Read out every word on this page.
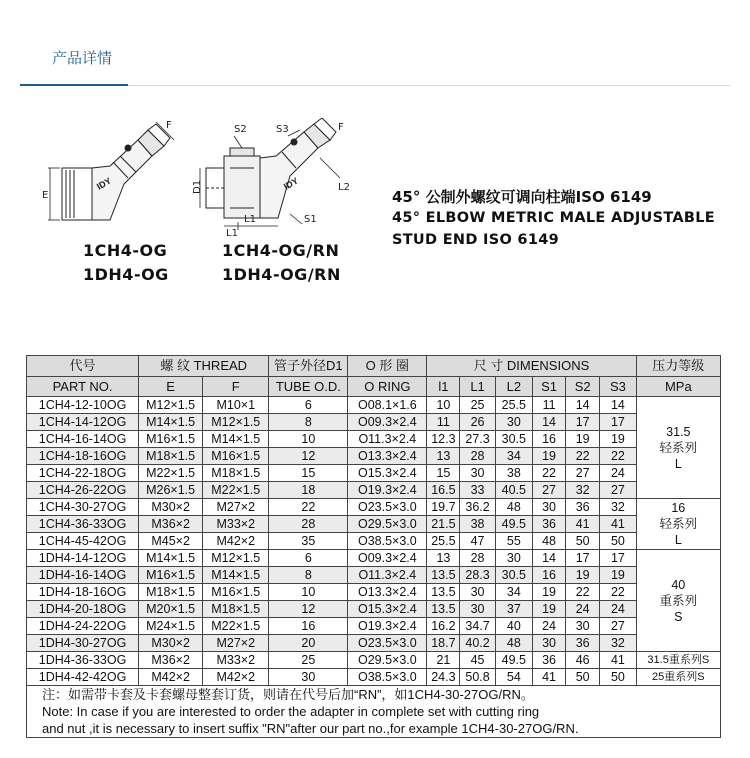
产品详情
IDY
E
F
1CH4-OG
1DH4-OG
IDY
S2	S3	F
D1
L1
L1
S1
L2
1CH4-OG/RN
1DH4-OG/RN
45° 公制外螺纹可调向柱端ISO 6149
45° ELBOW METRIC MALE ADJUSTABLE
STUD END ISO 6149
代号	螺 纹 THREAD		管子外径D1	O 形 圈	尺 寸 DIMENSIONS						压力等级
PART NO.	E	F	TUBE O.D.	O RING	l1	L1	L2	S1	S2	S3	MPa
1CH4-12-10OG	M12×1.5	M10×1	6	O08.1×1.6	10	25	25.5	11	14	14	31.5
轻系列
L

1CH4-14-12OG	M14×1.5	M12×1.5	8	O09.3×2.4	11	26	30	14	17	17	
1CH4-16-14OG	M16×1.5	M14×1.5	10	O11.3×2.4	12.3	27.3	30.5	16	19	19	
1CH4-18-16OG	M18×1.5	M16×1.5	12	O13.3×2.4	13	28	34	19	22	22	
1CH4-22-18OG	M22×1.5	M18×1.5	15	O15.3×2.4	15	30	38	22	27	24	
1CH4-26-22OG	M26×1.5	M22×1.5	18	O19.3×2.4	16.5	33	40.5	27	32	27	
1CH4-30-27OG	M30×2	M27×2	22	O23.5×3.0	19.7	36.2	48	30	36	32	16
轻系列
L

1CH4-36-33OG	M36×2	M33×2	28	O29.5×3.0	21.5	38	49.5	36	41	41	
1CH4-45-42OG	M45×2	M42×2	35	O38.5×3.0	25.5	47	55	48	50	50	
1DH4-14-12OG	M14×1.5	M12×1.5	6	O09.3×2.4	13	28	30	14	17	17	40
重系列
S

1DH4-16-14OG	M16×1.5	M14×1.5	8	O11.3×2.4	13.5	28.3	30.5	16	19	19	
1DH4-18-16OG	M18×1.5	M16×1.5	10	O13.3×2.4	13.5	30	34	19	22	22	
1DH4-20-18OG	M20×1.5	M18×1.5	12	O15.3×2.4	13.5	30	37	19	24	24	
1DH4-24-22OG	M24×1.5	M22×1.5	16	O19.3×2.4	16.2	34.7	40	24	30	27	
1DH4-30-27OG	M30×2	M27×2	20	O23.5×3.0	18.7	40.2	48	30	36	32	
1DH4-36-33OG	M36×2	M33×2	25	O29.5×3.0	21	45	49.5	36	46	41	31.5重系列S
1DH4-42-42OG	M42×2	M42×2	30	O38.5×3.0	24.3	50.8	54	41	50	50	25重系列S

注：如需带卡套及卡套螺母整套订货，则请在代号后加“RN”，如1CH4-30-27OG/RN。
Note: In case if you are interested to order the adapter in complete set with cutting ring
and nut ,it is necessary to insert suffix "RN"after our part no.,for example 1CH4-30-27OG/RN.											
